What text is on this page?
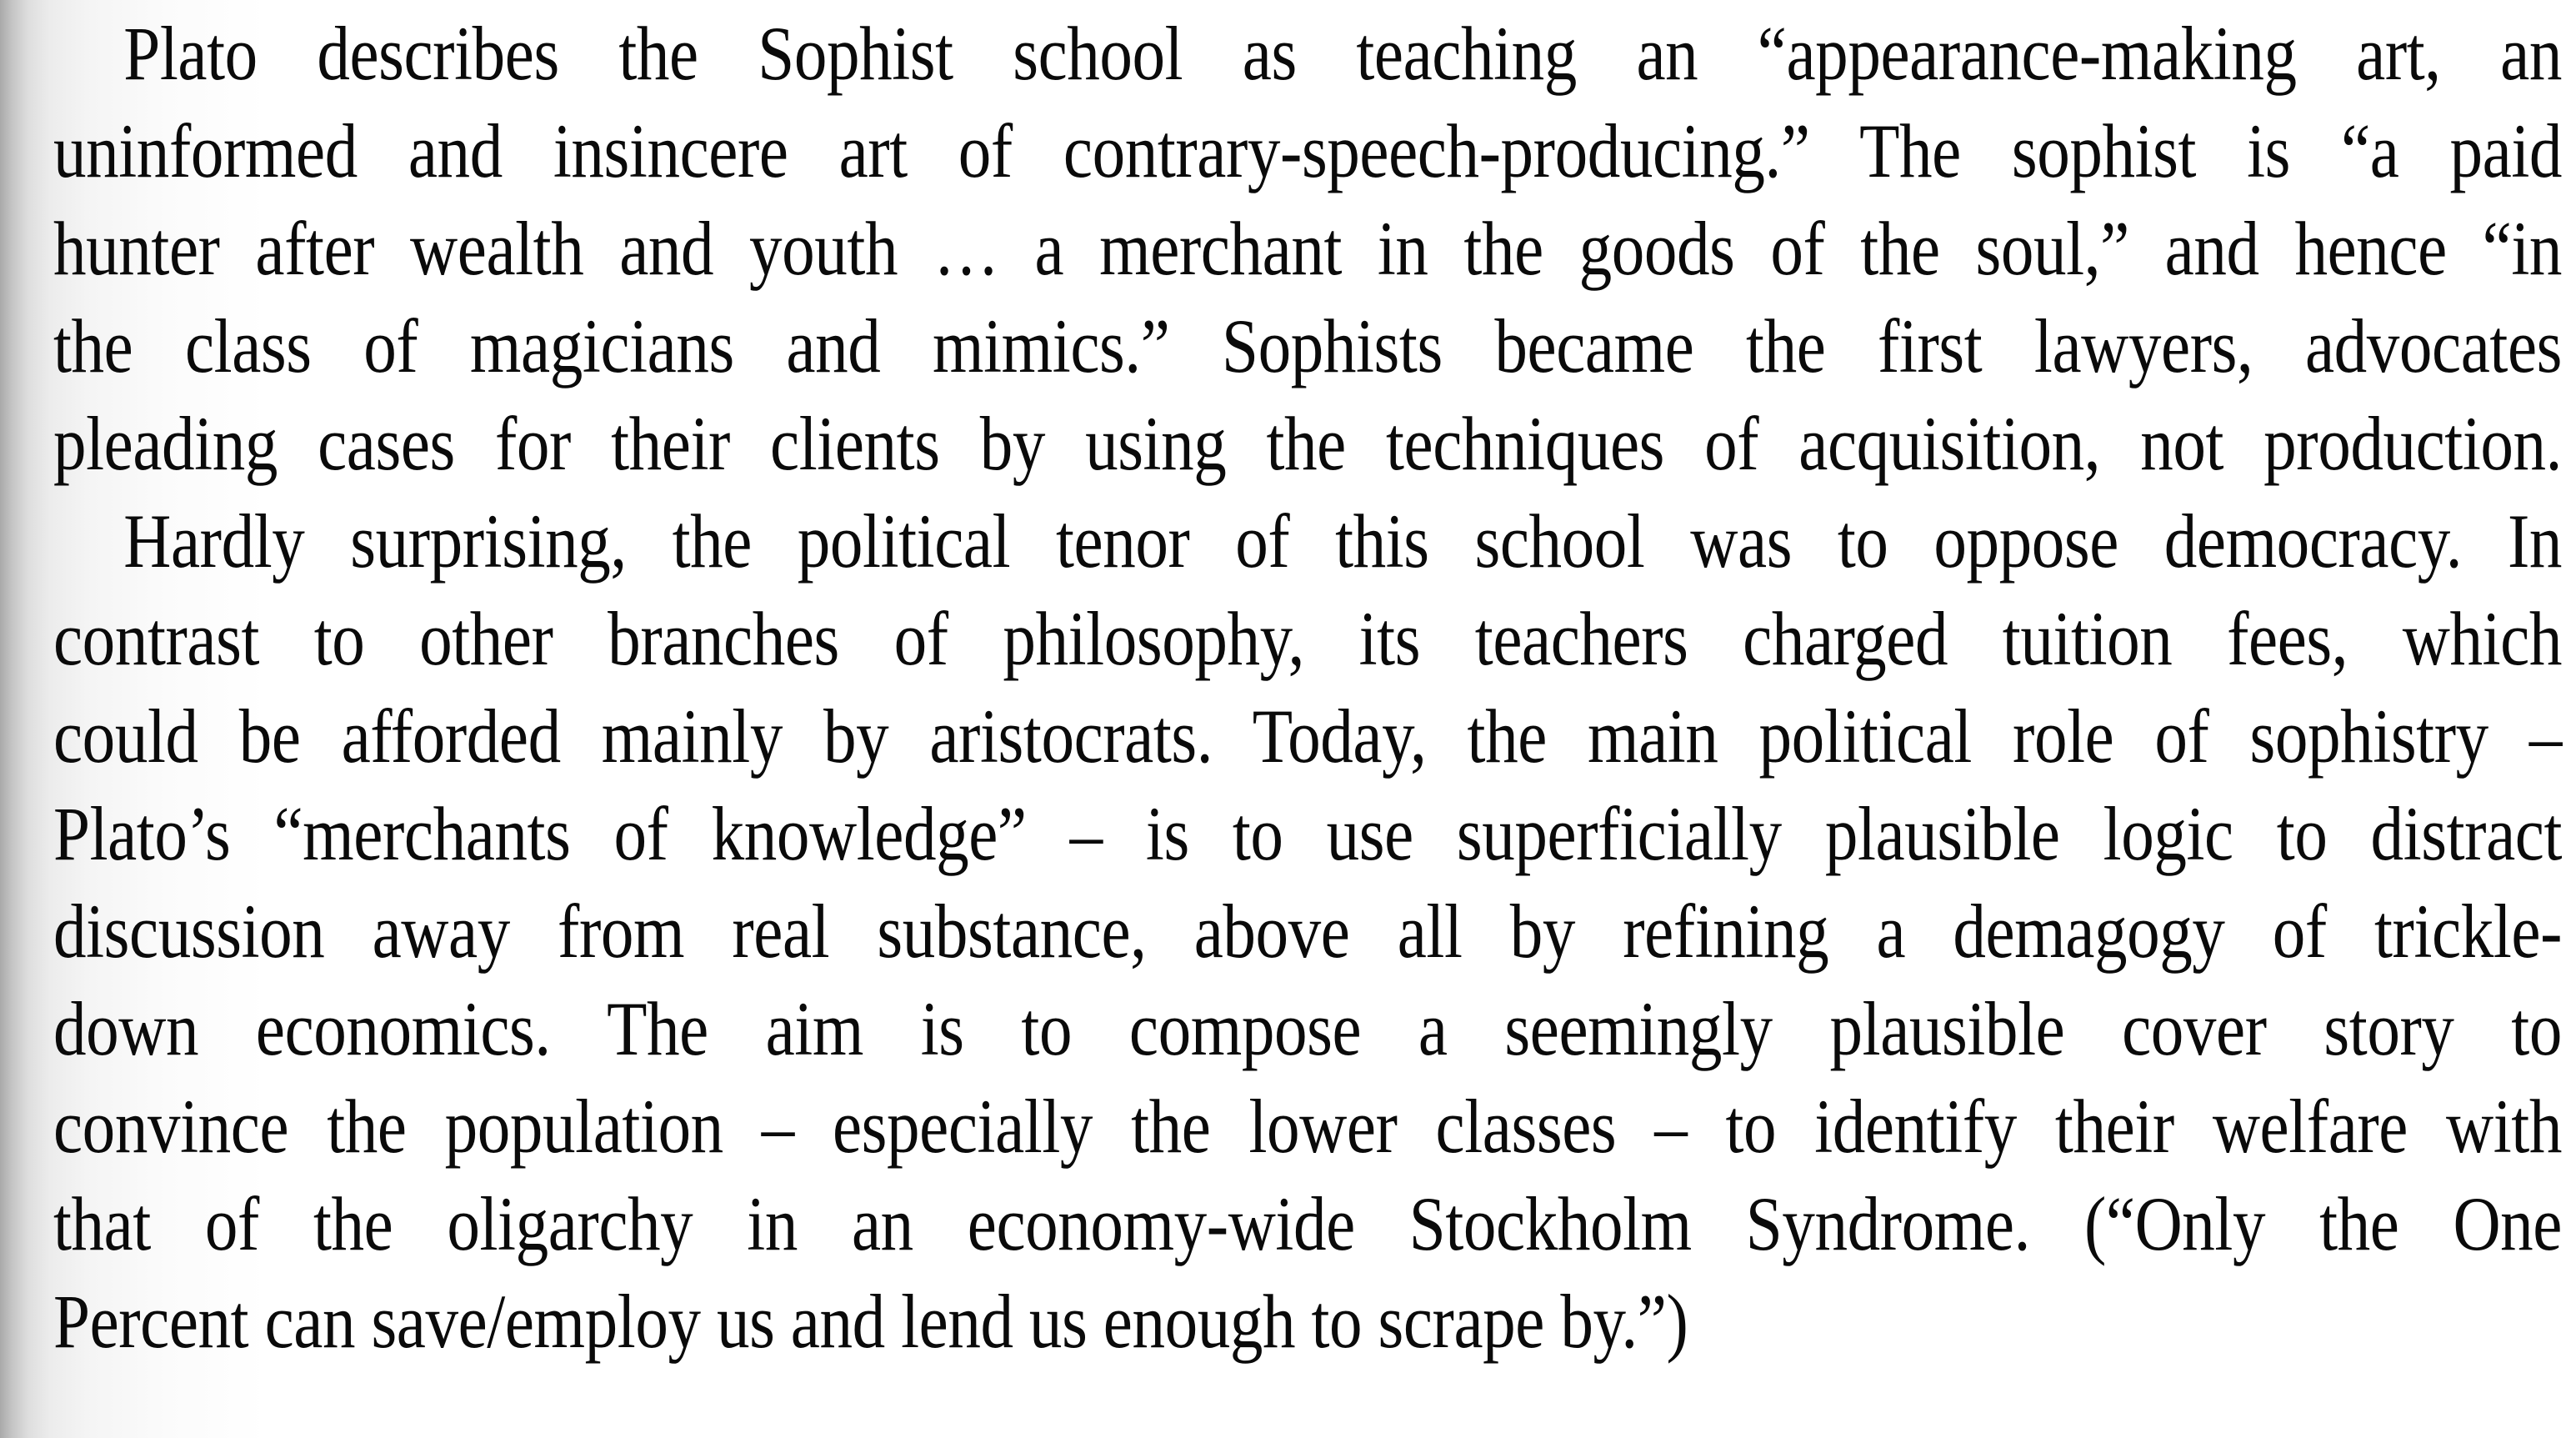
Plato describes the Sophist school as teaching an “appearance-making art, an
uninformed and insincere art of contrary-speech-producing.” The sophist is “a paid
hunter after wealth and youth … a merchant in the goods of the soul,” and hence “in
the class of magicians and mimics.” Sophists became the first lawyers, advocates
pleading cases for their clients by using the techniques of acquisition, not production.

Hardly surprising, the political tenor of this school was to oppose democracy. In
contrast to other branches of philosophy, its teachers charged tuition fees, which
could be afforded mainly by aristocrats. Today, the main political role of sophistry –
Plato’s “merchants of knowledge” – is to use superficially plausible logic to distract
discussion away from real substance, above all by refining a demagogy of trickle-
down economics. The aim is to compose a seemingly plausible cover story to
convince the population – especially the lower classes – to identify their welfare with
that of the oligarchy in an economy-wide Stockholm Syndrome. (“Only the One
Percent can save/employ us and lend us enough to scrape by.”)
